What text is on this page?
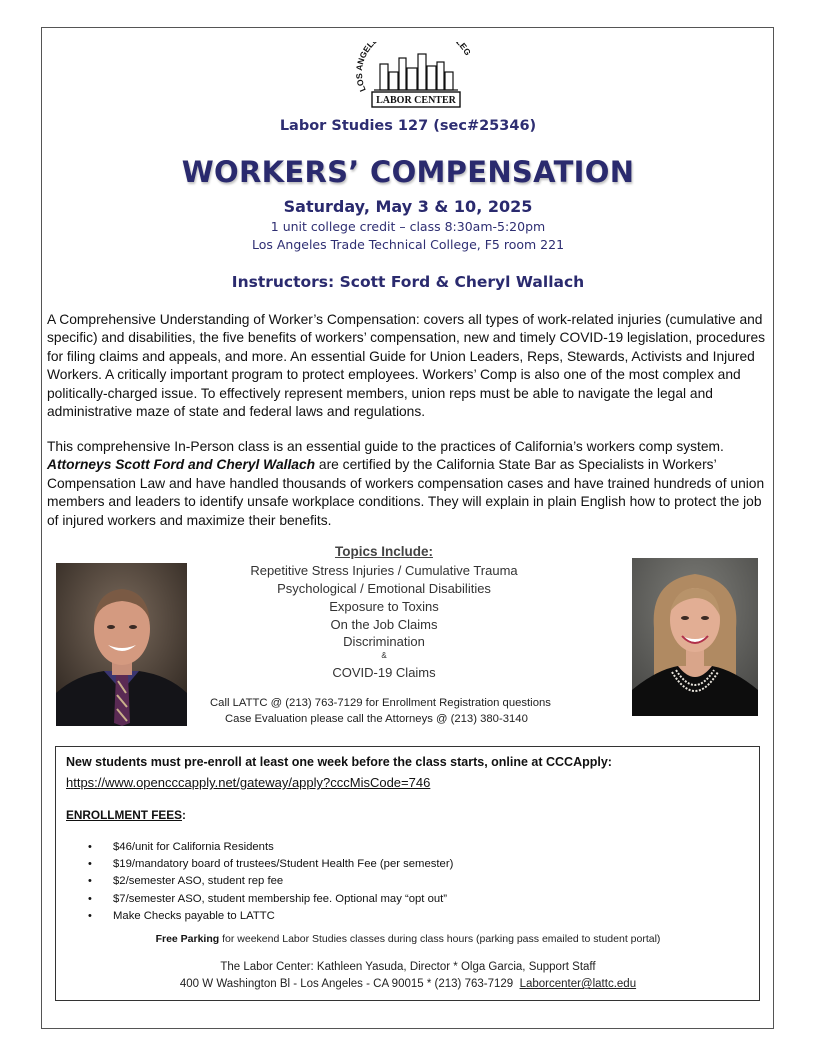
LOS ANGEL LE
LABOR CENTER
Labor Studies 127 (sec#25346)
WORKERS’ COMPENSATION
Saturday, May 3 & 10, 2025
1 unit college credit – class 8:30am-5:20pm
Los Angeles Trade Technical College, F5 room 221
Instructors: Scott Ford & Cheryl Wallach

A Comprehensive Understanding of Worker’s Compensation: covers all types of work-related injuries (cumulative and specific) and disabilities, the five benefits of workers’ compensation, new and timely COVID-19 legislation, procedures for filing claims and appeals, and more. An essential Guide for Union Leaders, Reps, Stewards, Activists and Injured Workers. A critically important program to protect employees. Workers’ Comp is also one of the most complex and politically-charged issue. To effectively represent members, union reps must be able to navigate the legal and administrative maze of state and federal laws and regulations.

This comprehensive In-Person class is an essential guide to the practices of California’s workers comp system. Attorneys Scott Ford and Cheryl Wallach are certified by the California State Bar as Specialists in Workers’ Compensation Law and have handled thousands of workers compensation cases and have trained hundreds of union members and leaders to identify unsafe workplace conditions. They will explain in plain English how to protect the job of injured workers and maximize their benefits.

Topics Include:
Repetitive Stress Injuries / Cumulative Trauma
Psychological / Emotional Disabilities
Exposure to Toxins
On the Job Claims
Discrimination
&
COVID-19 Claims
Call LATTC @ (213) 763-7129 for Enrollment Registration questions
Case Evaluation please call the Attorneys @ (213) 380-3140
New students must pre-enroll at least one week before the class starts, online at CCCApply:
https://www.opencccapply.net/gateway/apply?cccMisCode=746
ENROLLMENT FEES:
• $46/unit for California Residents
• $19/mandatory board of trustees/Student Health Fee (per semester)
• $2/semester ASO, student rep fee
• $7/semester ASO, student membership fee. Optional may “opt out”
• Make Checks payable to LATTC
Free Parking for weekend Labor Studies classes during class hours (parking pass emailed to student portal)
The Labor Center: Kathleen Yasuda, Director * Olga Garcia, Support Staff
400 W Washington Bl - Los Angeles - CA 90015 * (213) 763-7129 Laborcenter@lattc.edu
